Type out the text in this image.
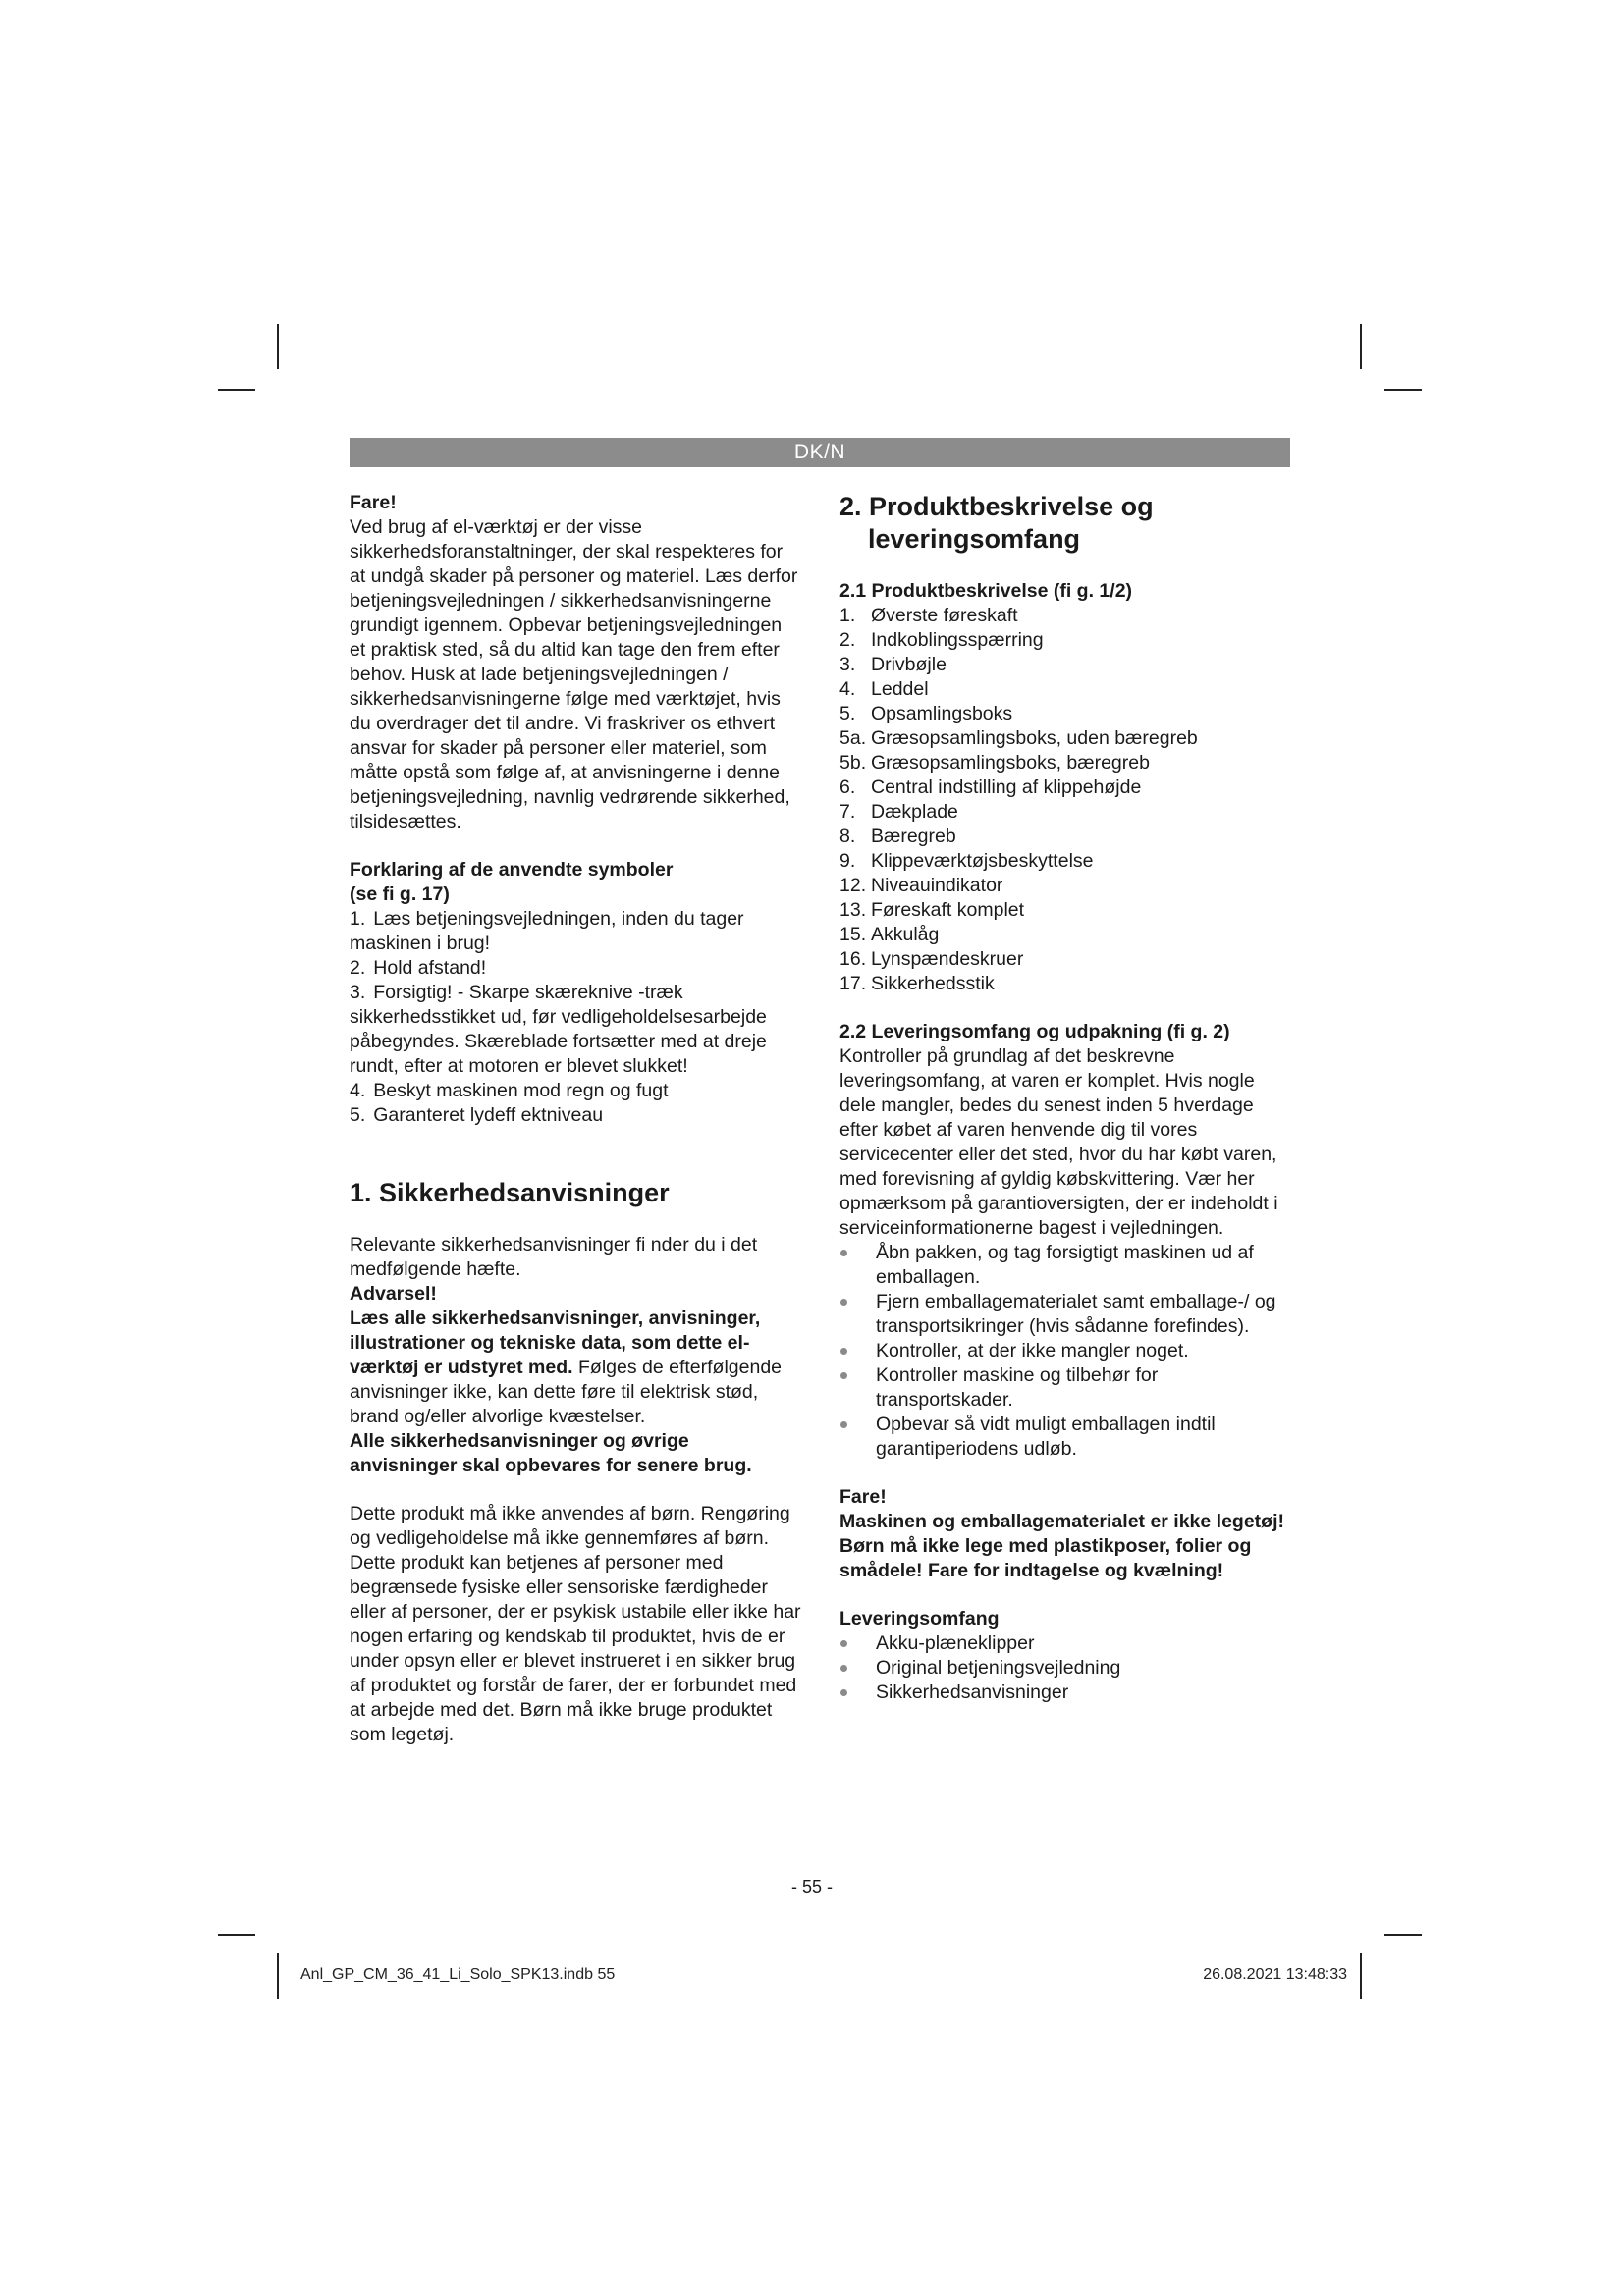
DK/N

Fare!

Ved brug af el-værktøj er der visse sikkerhedsforanstaltninger, der skal respekteres for at undgå skader på personer og materiel. Læs derfor betjeningsvejledningen / sikkerhedsanvisningerne grundigt igennem. Opbevar betjeningsvejledningen et praktisk sted, så du altid kan tage den frem efter behov. Husk at lade betjeningsvejledningen / sikkerhedsanvisningerne følge med værktøjet, hvis du overdrager det til andre. Vi fraskriver os ethvert ansvar for skader på personer eller materiel, som måtte opstå som følge af, at anvisningerne i denne betjeningsvejledning, navnlig vedrørende sikkerhed, tilsidesættes.

Forklaring af de anvendte symboler

(se fi g. 17)

1. Læs betjeningsvejledningen, inden du tager maskinen i brug!
2. Hold afstand!
3. Forsigtig! - Skarpe skæreknive -træk sikkerhedsstikket ud, før vedligeholdelsesarbejde påbegyndes. Skæreblade fortsætter med at dreje rundt, efter at motoren er blevet slukket!
4. Beskyt maskinen mod regn og fugt
5. Garanteret lydeff ektniveau

1. Sikkerhedsanvisninger

Relevante sikkerhedsanvisninger fi nder du i det medfølgende hæfte.

Advarsel!

Læs alle sikkerhedsanvisninger, anvisninger, illustrationer og tekniske data, som dette el-værktøj er udstyret med. Følges de efterfølgende anvisninger ikke, kan dette føre til elektrisk stød, brand og/eller alvorlige kvæstelser.

Alle sikkerhedsanvisninger og øvrige anvisninger skal opbevares for senere brug.

Dette produkt må ikke anvendes af børn. Rengøring og vedligeholdelse må ikke gennemføres af børn. Dette produkt kan betjenes af personer med begrænsede fysiske eller sensoriske færdigheder eller af personer, der er psykisk ustabile eller ikke har nogen erfaring og kendskab til produktet, hvis de er under opsyn eller er blevet instrueret i en sikker brug af produktet og forstår de farer, der er forbundet med at arbejde med det. Børn må ikke bruge produktet som legetøj.

2. Produktbeskrivelse og
leveringsomfang

2.1 Produktbeskrivelse (fi g. 1/2)

1. Øverste føreskaft
2. Indkoblingsspærring
3. Drivbøjle
4. Leddel
5. Opsamlingsboks
5a. Græsopsamlingsboks, uden bæregreb
5b. Græsopsamlingsboks, bæregreb
6. Central indstilling af klippehøjde
7. Dækplade
8. Bæregreb
9. Klippeværktøjsbeskyttelse
12. Niveauindikator
13. Føreskaft komplet
15. Akkulåg
16. Lynspændeskruer
17. Sikkerhedsstik

2.2 Leveringsomfang og udpakning (fi g. 2)

Kontroller på grundlag af det beskrevne leveringsomfang, at varen er komplet. Hvis nogle dele mangler, bedes du senest inden 5 hverdage efter købet af varen henvende dig til vores servicecenter eller det sted, hvor du har købt varen, med forevisning af gyldig købskvittering. Vær her opmærksom på garantioversigten, der er indeholdt i serviceinformationerne bagest i vejledningen.

Åbn pakken, og tag forsigtigt maskinen ud af emballagen.
Fjern emballagematerialet samt emballage-/ og transportsikringer (hvis sådanne forefindes).
Kontroller, at der ikke mangler noget.
Kontroller maskine og tilbehør for transportskader.
Opbevar så vidt muligt emballagen indtil garantiperiodens udløb.

Fare!

Maskinen og emballagematerialet er ikke legetøj! Børn må ikke lege med plastikposer, folier og smådele! Fare for indtagelse og kvælning!

Leveringsomfang

Akku-plæneklipper
Original betjeningsvejledning
Sikkerhedsanvisninger
- 55 -
Anl_GP_CM_36_41_Li_Solo_SPK13.indb 55	26.08.2021 13:48:33
